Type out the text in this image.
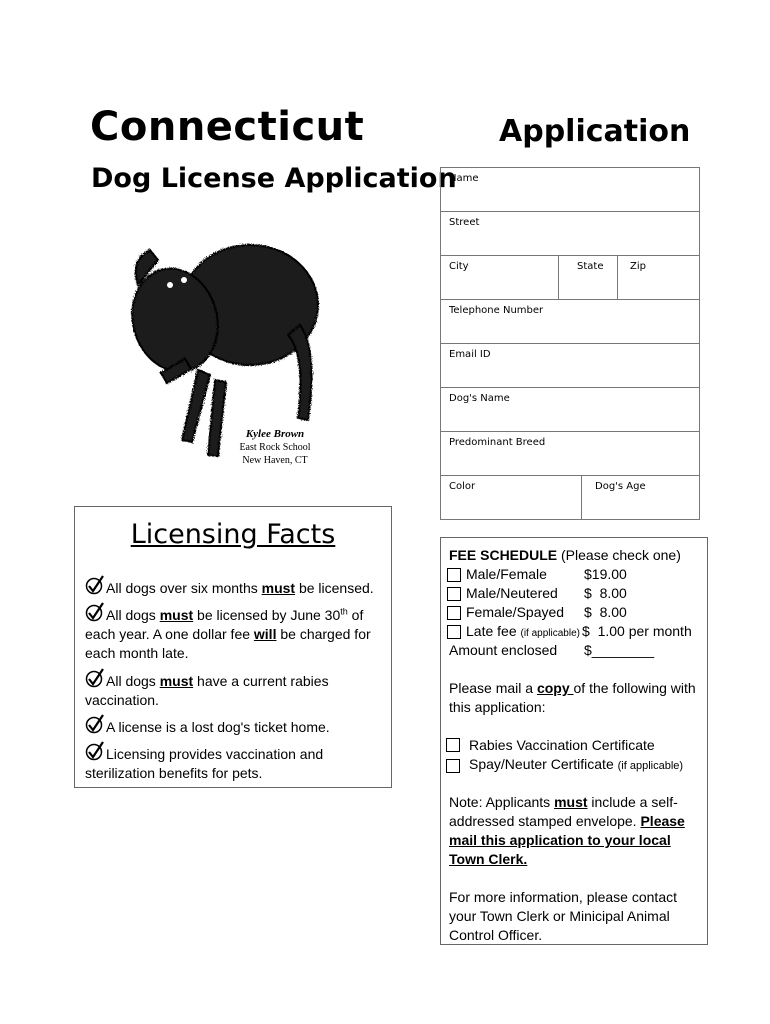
Connecticut
Dog License Application
Application
Name
Street
City	State	Zip
Telephone Number
Email ID
Dog's Name
Predominant Breed
Color	Dog's Age
Kylee Brown
East Rock School
New Haven, CT
Licensing Facts
All dogs over six months must be licensed.
All dogs must be licensed by June 30th of each year. A one dollar fee will be charged for each month late.
All dogs must have a current rabies vaccination.
A license is a lost dog's ticket home.
Licensing provides vaccination and sterilization benefits for pets.
FEE SCHEDULE (Please check one)
Male/Female	$19.00
Male/Neutered $  8.00
Female/Spayed $  8.00
Late fee (if applicable) $  1.00 per month
Amount enclosed $________
Please mail a copy of the following with this application:
Rabies Vaccination Certificate
Spay/Neuter Certificate (if applicable)
Note: Applicants must include a self-addressed stamped envelope. Please mail this application to your local Town Clerk.
For more information, please contact your Town Clerk or Minicipal Animal Control Officer.
